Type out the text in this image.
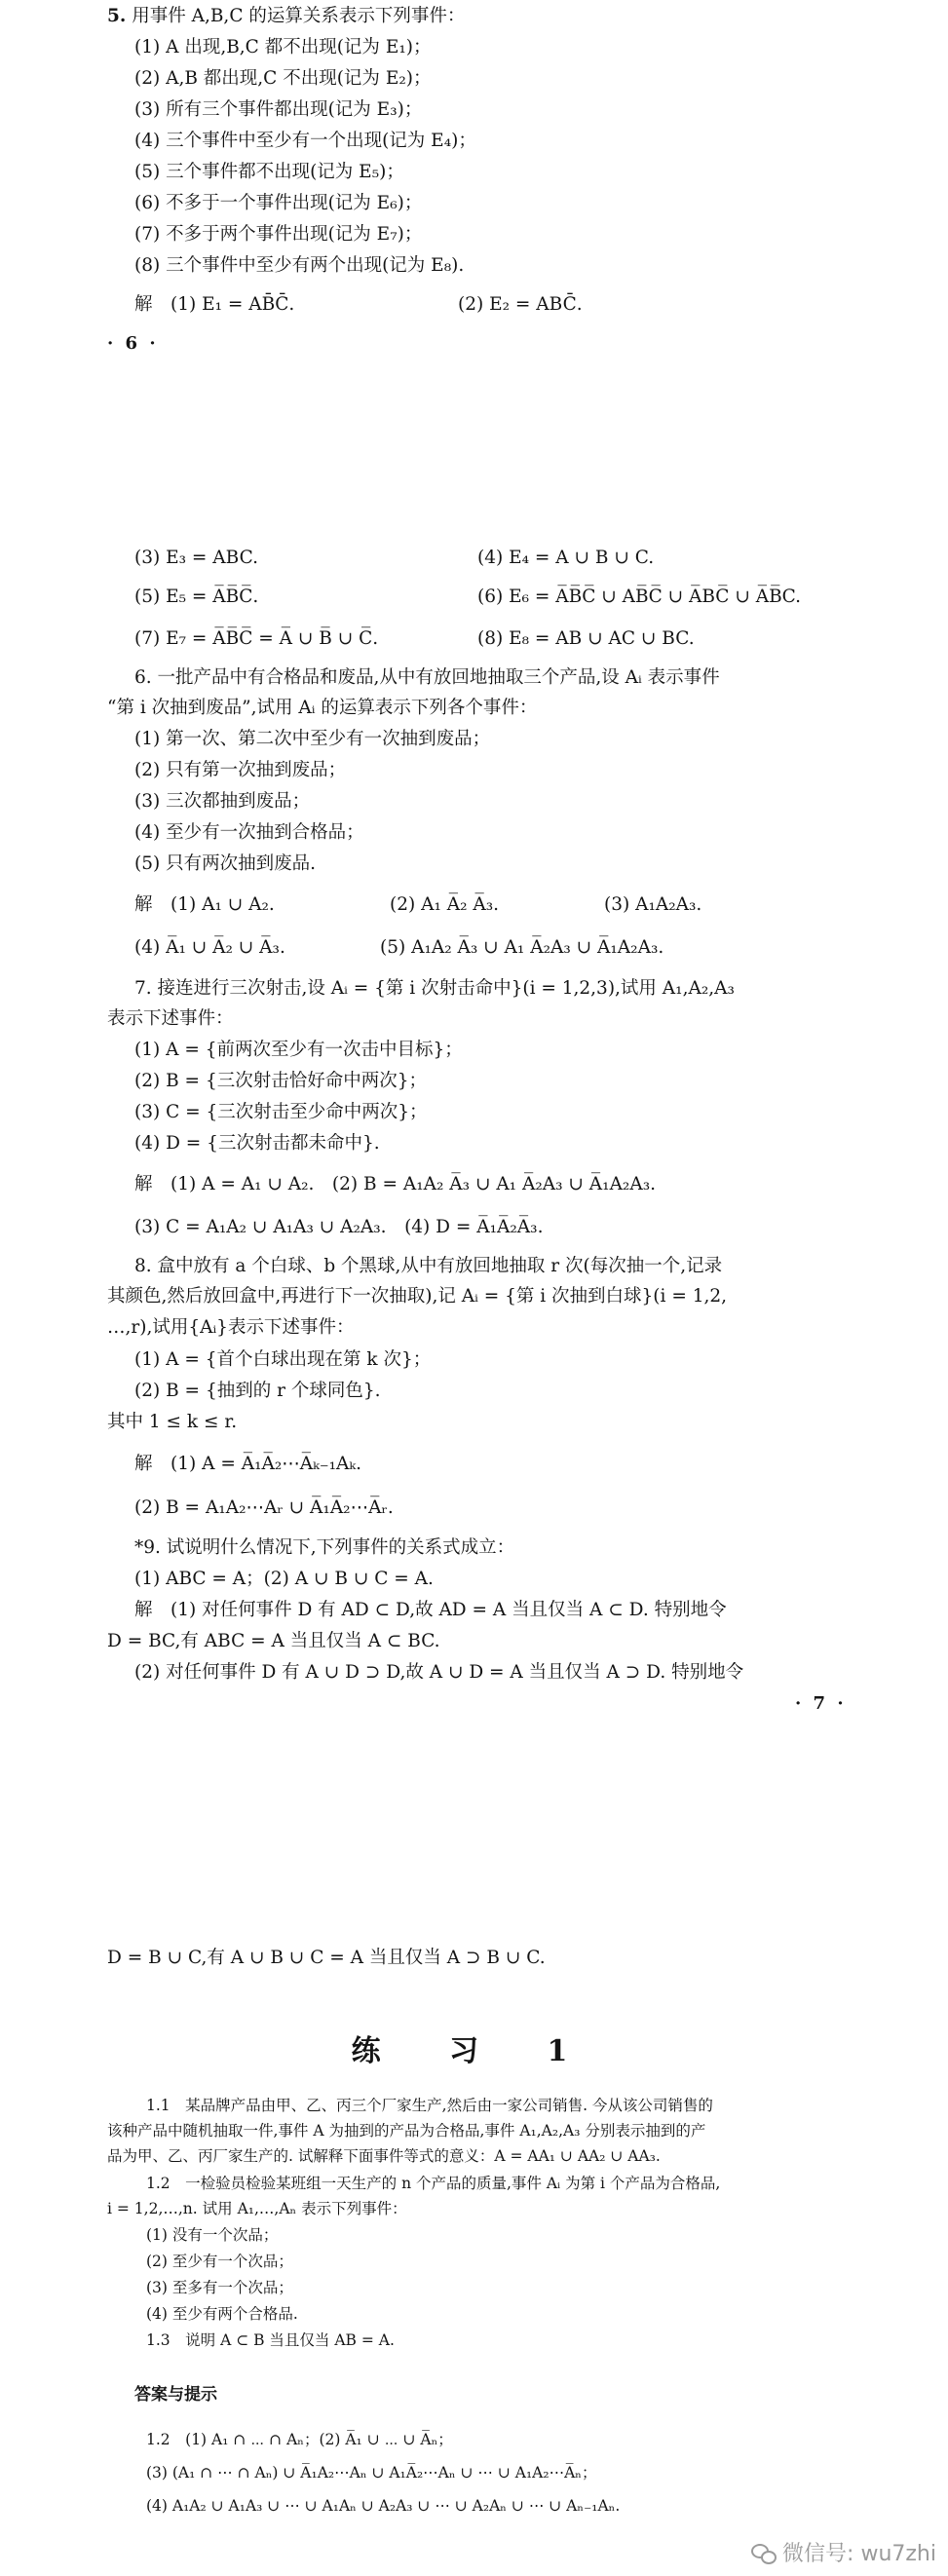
5. 用事件 A,B,C 的运算关系表示下列事件：
(1) A 出现,B,C 都不出现(记为 E₁)；
(2) A,B 都出现,C 不出现(记为 E₂)；
(3) 所有三个事件都出现(记为 E₃)；
(4) 三个事件中至少有一个出现(记为 E₄)；
(5) 三个事件都不出现(记为 E₅)；
(6) 不多于一个事件出现(记为 E₆)；
(7) 不多于两个事件出现(记为 E₇)；
(8) 三个事件中至少有两个出现(记为 E₈).
解　(1) E₁ = AB̄C̄.	(2) E₂ = ABC̄.
· 6 ·
(3) E₃ = ABC.	(4) E₄ = A ∪ B ∪ C.
(5) E₅ = A̅B̅C̅.	(6) E₆ = A̅B̅C̅ ∪ AB̅C̅ ∪ A̅BC̅ ∪ A̅B̅C.
(7) E₇ = A̅B̅C̅ = A̅ ∪ B̅ ∪ C̅.	(8) E₈ = AB ∪ AC ∪ BC.
6. 一批产品中有合格品和废品,从中有放回地抽取三个产品,设 Aᵢ 表示事件
“第 i 次抽到废品”,试用 Aᵢ 的运算表示下列各个事件：
(1) 第一次、第二次中至少有一次抽到废品；
(2) 只有第一次抽到废品；
(3) 三次都抽到废品；
(4) 至少有一次抽到合格品；
(5) 只有两次抽到废品.
解　(1) A₁ ∪ A₂.	(2) A₁ A̅₂ A̅₃.	(3) A₁A₂A₃.
(4) A̅₁ ∪ A̅₂ ∪ A̅₃.	(5) A₁A₂ A̅₃ ∪ A₁ A̅₂A₃ ∪ A̅₁A₂A₃.
7. 接连进行三次射击,设 Aᵢ = {第 i 次射击命中}(i = 1,2,3),试用 A₁,A₂,A₃
表示下述事件：
(1) A = {前两次至少有一次击中目标}；
(2) B = {三次射击恰好命中两次}；
(3) C = {三次射击至少命中两次}；
(4) D = {三次射击都未命中}.
解　(1) A = A₁ ∪ A₂.　(2) B = A₁A₂ A̅₃ ∪ A₁ A̅₂A₃ ∪ A̅₁A₂A₃.
(3) C = A₁A₂ ∪ A₁A₃ ∪ A₂A₃.　(4) D = A̅₁A̅₂A̅₃.
8. 盒中放有 a 个白球、b 个黑球,从中有放回地抽取 r 次(每次抽一个,记录
其颜色,然后放回盒中,再进行下一次抽取),记 Aᵢ = {第 i 次抽到白球}(i = 1,2,
…,r),试用{Aᵢ}表示下述事件：
(1) A = {首个白球出现在第 k 次}；
(2) B = {抽到的 r 个球同色}.
其中 1 ≤ k ≤ r.
解　(1) A = A̅₁A̅₂⋯A̅ₖ₋₁Aₖ.
(2) B = A₁A₂⋯Aᵣ ∪ A̅₁A̅₂⋯A̅ᵣ.
*9. 试说明什么情况下,下列事件的关系式成立：
(1) ABC = A；(2) A ∪ B ∪ C = A.
解　(1) 对任何事件 D 有 AD ⊂ D,故 AD = A 当且仅当 A ⊂ D. 特别地令
D = BC,有 ABC = A 当且仅当 A ⊂ BC.
(2) 对任何事件 D 有 A ∪ D ⊃ D,故 A ∪ D = A 当且仅当 A ⊃ D. 特别地令
· 7 ·
D = B ∪ C,有 A ∪ B ∪ C = A 当且仅当 A ⊃ B ∪ C.
练 习 1
1.1　某品牌产品由甲、乙、丙三个厂家生产,然后由一家公司销售. 今从该公司销售的
该种产品中随机抽取一件,事件 A 为抽到的产品为合格品,事件 A₁,A₂,A₃ 分别表示抽到的产
品为甲、乙、丙厂家生产的. 试解释下面事件等式的意义：A = AA₁ ∪ AA₂ ∪ AA₃.
1.2　一检验员检验某班组一天生产的 n 个产品的质量,事件 Aᵢ 为第 i 个产品为合格品,
i = 1,2,…,n. 试用 A₁,…,Aₙ 表示下列事件：
(1) 没有一个次品；
(2) 至少有一个次品；
(3) 至多有一个次品；
(4) 至少有两个合格品.
1.3　说明 A ⊂ B 当且仅当 AB = A.
答案与提示
1.2　(1) A₁ ∩ ⋯ ∩ Aₙ；(2) A̅₁ ∪ ⋯ ∪ A̅ₙ；
(3) (A₁ ∩ ⋯ ∩ Aₙ) ∪ A̅₁A₂⋯Aₙ ∪ A₁A̅₂⋯Aₙ ∪ ⋯ ∪ A₁A₂⋯A̅ₙ；
(4) A₁A₂ ∪ A₁A₃ ∪ ⋯ ∪ A₁Aₙ ∪ A₂A₃ ∪ ⋯ ∪ A₂Aₙ ∪ ⋯ ∪ Aₙ₋₁Aₙ.
微信号: wu7zhi
